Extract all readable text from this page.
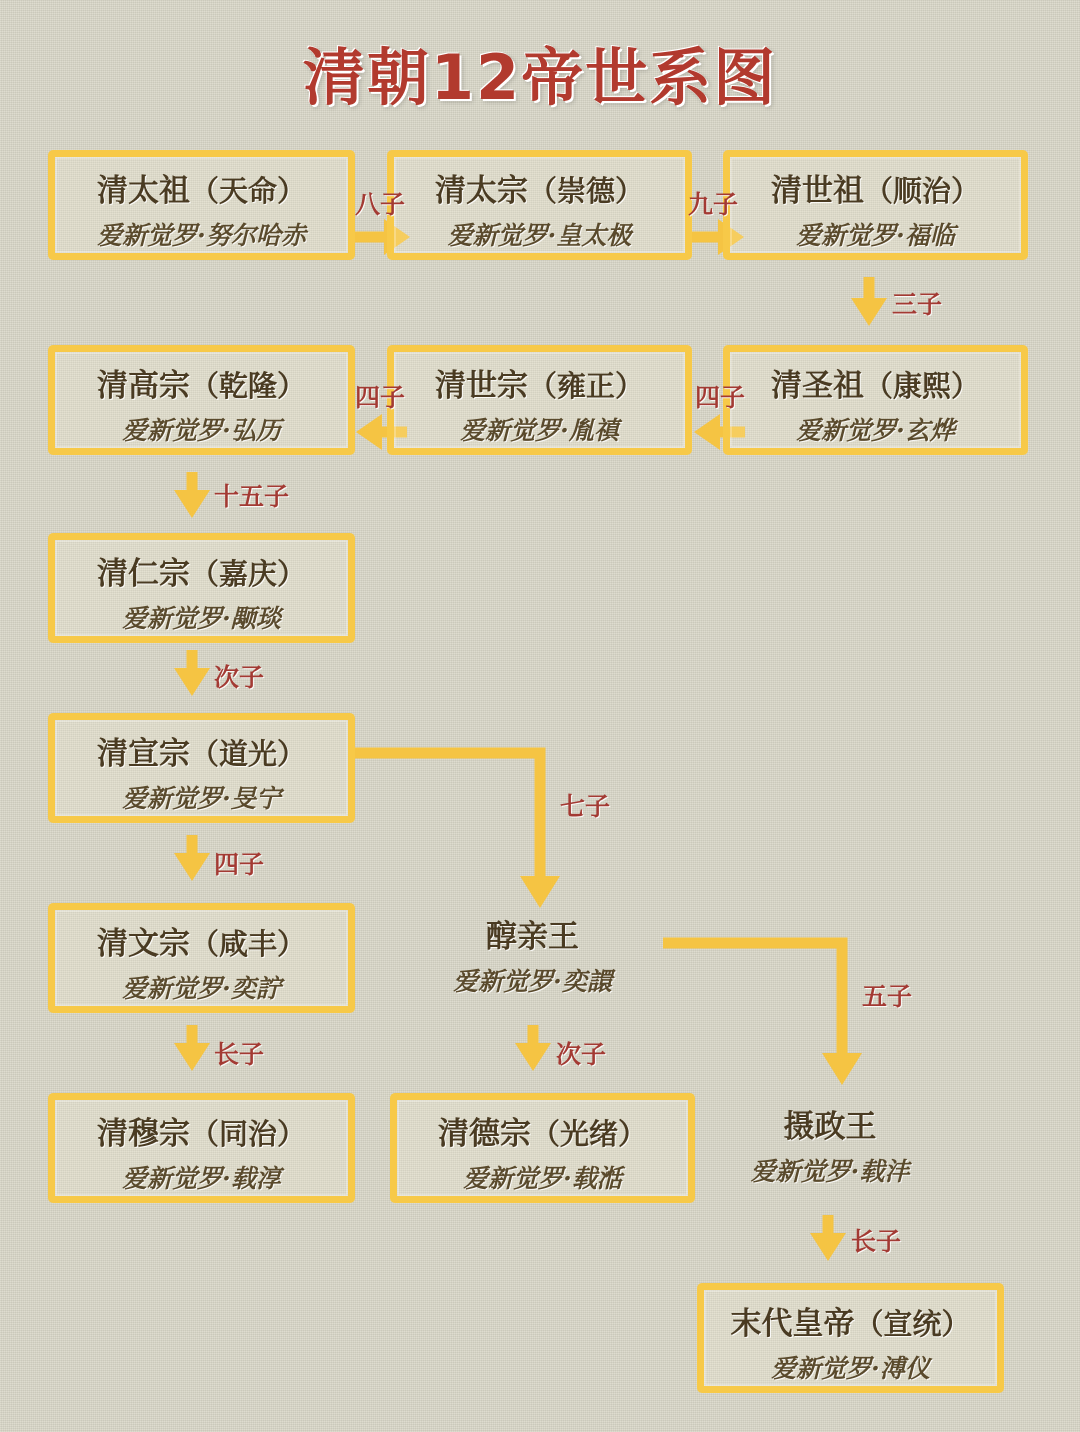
清朝12帝世系图
清太祖（天命）
爱新觉罗·努尔哈赤
清太宗（崇德）
爱新觉罗·皇太极
清世祖（顺治）
爱新觉罗·福临
清高宗（乾隆）
爱新觉罗·弘历
清世宗（雍正）
爱新觉罗·胤禛
清圣祖（康熙）
爱新觉罗·玄烨
清仁宗（嘉庆）
爱新觉罗·颙琰
清宣宗（道光）
爱新觉罗·旻宁
清文宗（咸丰）
爱新觉罗·奕詝
醇亲王
爱新觉罗·奕譞
清穆宗（同治）
爱新觉罗·载淳
清德宗（光绪）
爱新觉罗·载湉
摄政王
爱新觉罗·载沣
末代皇帝（宣统）
爱新觉罗·溥仪
八子	九子
三子
四子
四子
十五子
次子
四子
七子
长子	次子
五子
长子
